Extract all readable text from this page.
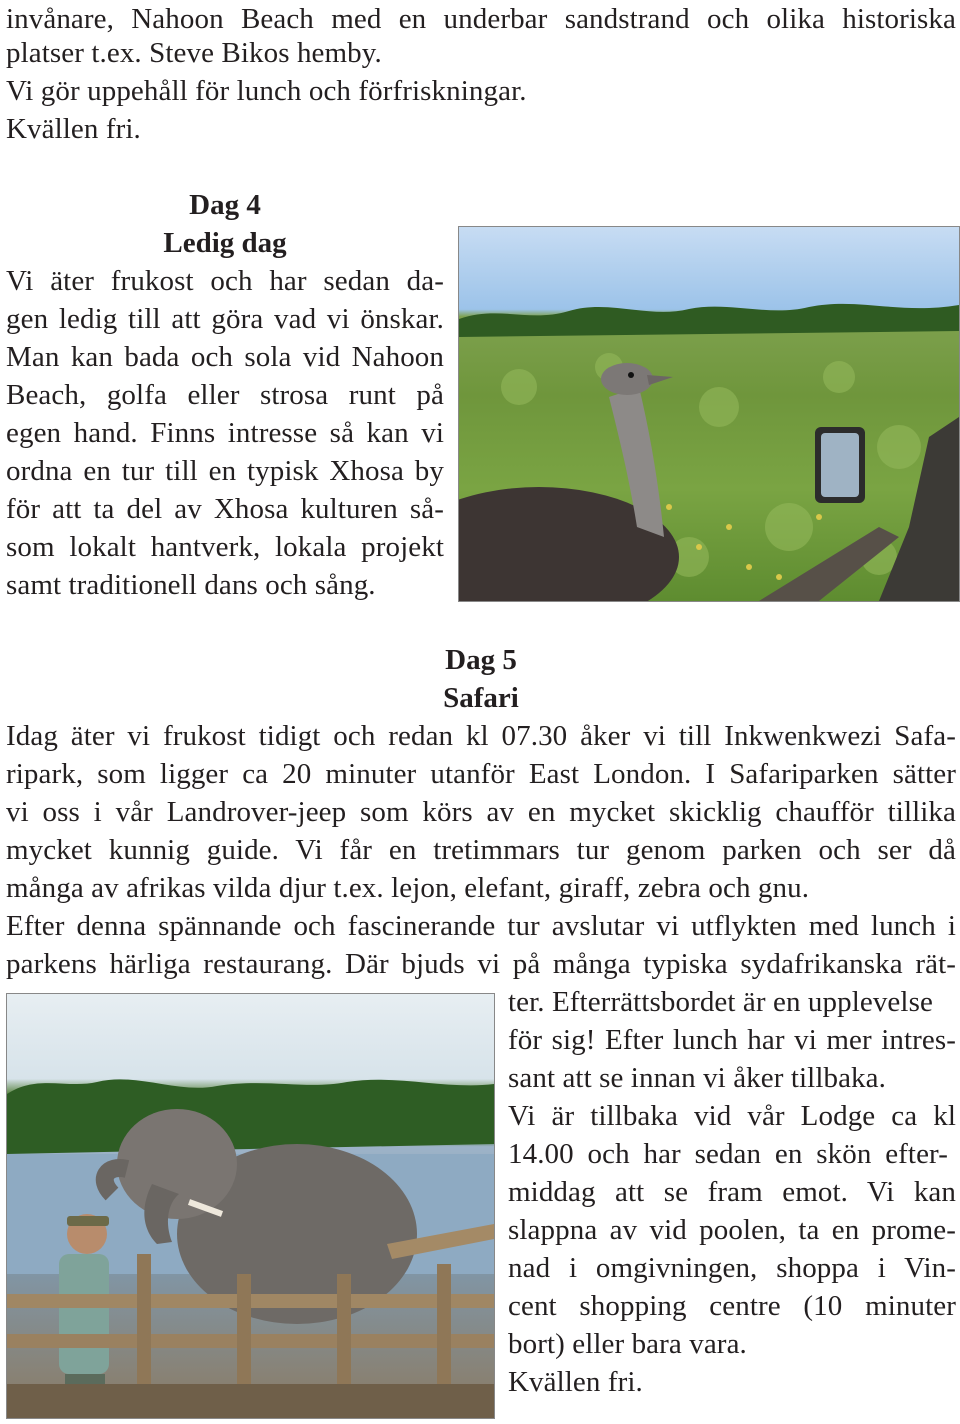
invånare, Nahoon Beach med en underbar sandstrand och olika historiska

platser t.ex. Steve Bikos hemby.

Vi gör uppehåll för lunch och förfriskningar.

Kvällen fri.

Dag 4

Ledig dag

Vi äter frukost och har sedan da-

gen ledig till att göra vad vi önskar.

Man kan bada och sola vid Nahoon

Beach, golfa eller strosa runt på

egen hand. Finns intresse så kan vi

ordna en tur till en typisk Xhosa by

för att ta del av Xhosa kulturen så-

som lokalt hantverk, lokala projekt

samt traditionell dans och sång.

Dag 5

Safari

Idag äter vi frukost tidigt och redan kl 07.30 åker vi till Inkwenkwezi Safa-

ripark, som ligger ca 20 minuter utanför East London. I Safariparken sätter

vi oss i vår Landrover-jeep som körs av en mycket skicklig chaufför tillika

mycket kunnig guide. Vi får en tretimmars tur genom parken och ser då

många av afrikas vilda djur t.ex. lejon, elefant, giraff, zebra och gnu.

Efter denna spännande och fascinerande tur avslutar vi utflykten med lunch i

parkens härliga restaurang. Där bjuds vi på många typiska sydafrikanska rät-

ter. Efterrättsbordet är en upplevelse

för sig! Efter lunch har vi mer intres-

sant att se innan vi åker tillbaka.

Vi är tillbaka vid vår Lodge ca kl

14.00 och har sedan en skön efter-

middag att se fram emot. Vi kan

slappna av vid poolen, ta en prome-

nad i omgivningen, shoppa i Vin-

cent shopping centre (10 minuter

bort) eller bara vara.

Kvällen fri.
